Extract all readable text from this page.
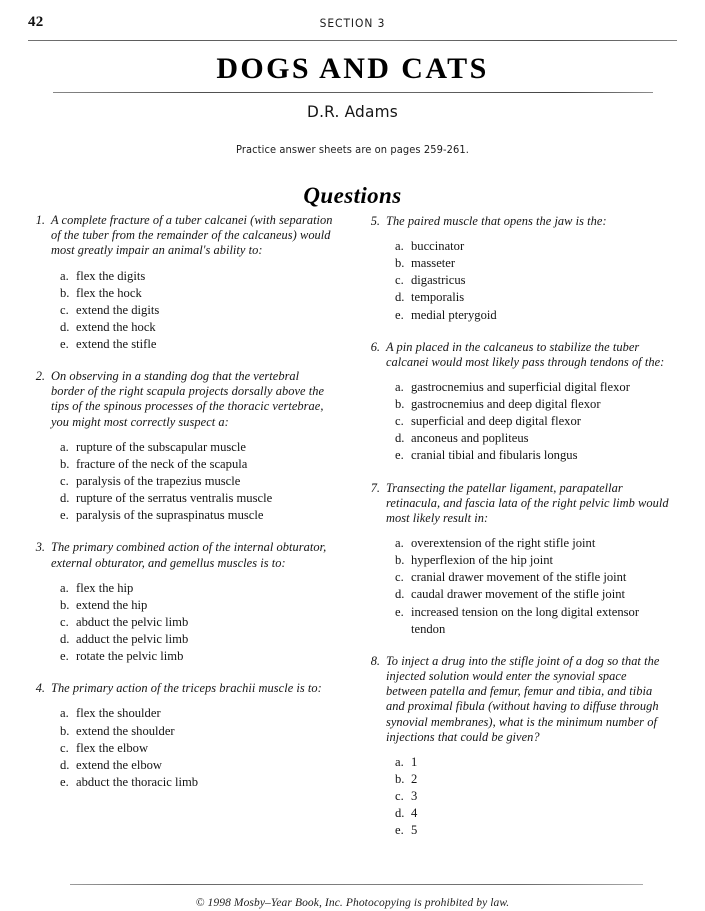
42	SECTION 3
DOGS AND CATS
D.R. Adams
Practice answer sheets are on pages 259-261.
Questions
1. A complete fracture of a tuber calcanei (with separation of the tuber from the remainder of the calcaneus) would most greatly impair an animal's ability to:
a. flex the digits
b. flex the hock
c. extend the digits
d. extend the hock
e. extend the stifle
2. On observing in a standing dog that the vertebral border of the right scapula projects dorsally above the tips of the spinous processes of the thoracic vertebrae, you might most correctly suspect a:
a. rupture of the subscapular muscle
b. fracture of the neck of the scapula
c. paralysis of the trapezius muscle
d. rupture of the serratus ventralis muscle
e. paralysis of the supraspinatus muscle
3. The primary combined action of the internal obturator, external obturator, and gemellus muscles is to:
a. flex the hip
b. extend the hip
c. abduct the pelvic limb
d. adduct the pelvic limb
e. rotate the pelvic limb
4. The primary action of the triceps brachii muscle is to:
a. flex the shoulder
b. extend the shoulder
c. flex the elbow
d. extend the elbow
e. abduct the thoracic limb
5. The paired muscle that opens the jaw is the:
a. buccinator
b. masseter
c. digastricus
d. temporalis
e. medial pterygoid
6. A pin placed in the calcaneus to stabilize the tuber calcanei would most likely pass through tendons of the:
a. gastrocnemius and superficial digital flexor
b. gastrocnemius and deep digital flexor
c. superficial and deep digital flexor
d. anconeus and popliteus
e. cranial tibial and fibularis longus
7. Transecting the patellar ligament, parapatellar retinacula, and fascia lata of the right pelvic limb would most likely result in:
a. overextension of the right stifle joint
b. hyperflexion of the hip joint
c. cranial drawer movement of the stifle joint
d. caudal drawer movement of the stifle joint
e. increased tension on the long digital extensor tendon
8. To inject a drug into the stifle joint of a dog so that the injected solution would enter the synovial space between patella and femur, femur and tibia, and tibia and proximal fibula (without having to diffuse through synovial membranes), what is the minimum number of injections that could be given?
a. 1
b. 2
c. 3
d. 4
e. 5
© 1998 Mosby–Year Book, Inc. Photocopying is prohibited by law.
